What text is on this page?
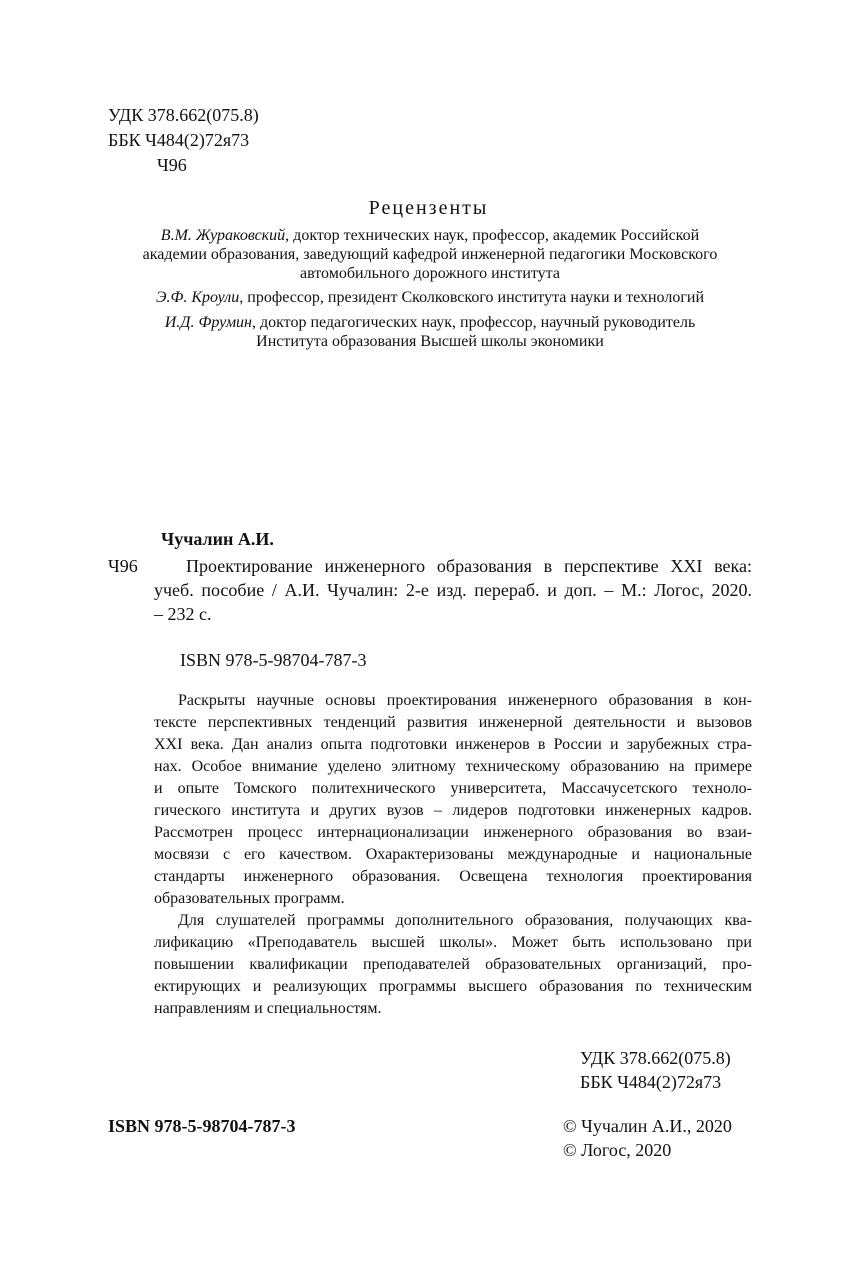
УДК 378.662(075.8)
ББК Ч484(2)72я73
Ч96
Рецензенты
В.М. Жураковский, доктор технических наук, профессор, академик Российской
академии образования, заведующий кафедрой инженерной педагогики Московского
автомобильного дорожного института
Э.Ф. Кроули, профессор, президент Сколковского института науки и технологий
И.Д. Фрумин, доктор педагогических наук, профессор, научный руководитель
Института образования Высшей школы экономики
Чучалин А.И.
Ч96	Проектирование инженерного образования в перспективе XXI века:
учеб. пособие / А.И. Чучалин: 2-е изд. перераб. и доп. – М.: Логос, 2020.
– 232 с.
ISBN 978-5-98704-787-3
Раскрыты научные основы проектирования инженерного образования в кон-
тексте перспективных тенденций развития инженерной деятельности и вызовов
XXI века. Дан анализ опыта подготовки инженеров в России и зарубежных стра-
нах. Особое внимание уделено элитному техническому образованию на примере
и опыте Томского политехнического университета, Массачусетского техноло-
гического института и других вузов – лидеров подготовки инженерных кадров.
Рассмотрен процесс интернационализации инженерного образования во взаи-
мосвязи с его качеством. Охарактеризованы международные и национальные
стандарты инженерного образования. Освещена технология проектирования
образовательных программ.
Для слушателей программы дополнительного образования, получающих ква-
лификацию «Преподаватель высшей школы». Может быть использовано при
повышении квалификации преподавателей образовательных организаций, про-
ектирующих и реализующих программы высшего образования по техническим
направлениям и специальностям.
УДК 378.662(075.8)
ББК Ч484(2)72я73
ISBN 978-5-98704-787-3	© Чучалин А.И., 2020
© Логос, 2020
